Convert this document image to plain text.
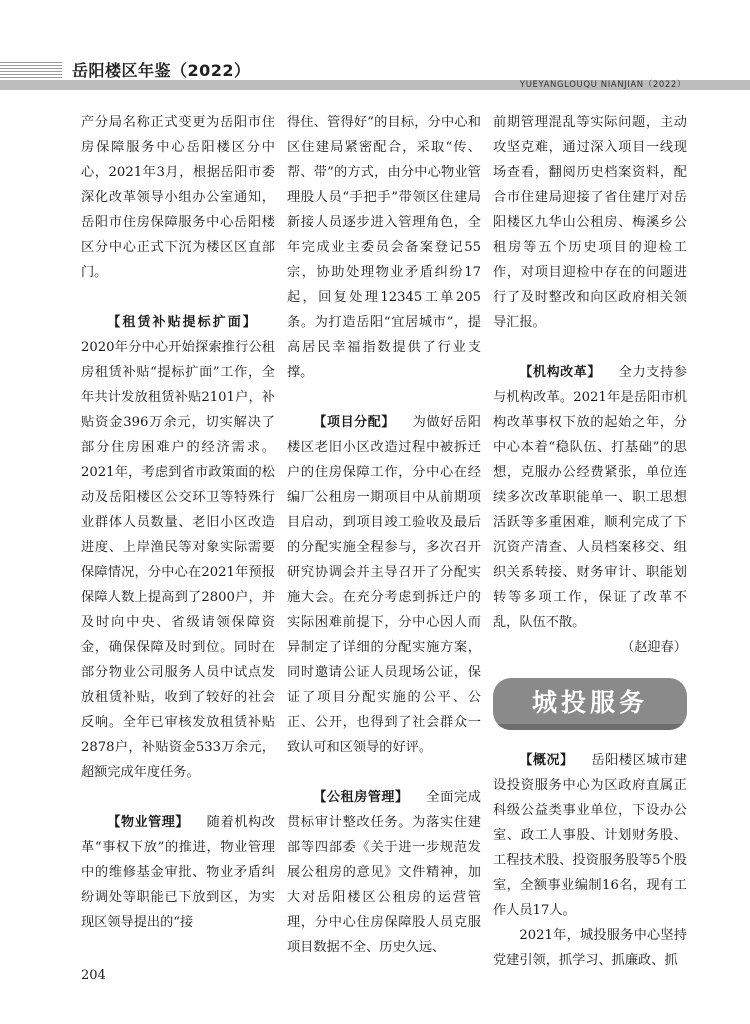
岳阳楼区年鉴（2022）
YUEYANGLOUQU NIANJIAN（2022）

产分局名称正式变更为岳阳市住房保障服务中心岳阳楼区分中心，2021年3月，根据岳阳市委深化改革领导小组办公室通知，岳阳市住房保障服务中心岳阳楼区分中心正式下沉为楼区区直部门。

【租赁补贴提标扩面】2020年分中心开始探索推行公租房租赁补贴“提标扩面”工作，全年共计发放租赁补贴2101户，补贴资金396万余元，切实解决了部分住房困难户的经济需求。2021年，考虑到省市政策面的松动及岳阳楼区公交环卫等特殊行业群体人员数量、老旧小区改造进度、上岸渔民等对象实际需要保障情况，分中心在2021年预报保障人数上提高到了2800户，并及时向中央、省级请领保障资金，确保保障及时到位。同时在部分物业公司服务人员中试点发放租赁补贴，收到了较好的社会反响。全年已审核发放租赁补贴2878户，补贴资金533万余元，超额完成年度任务。

【物业管理】 随着机构改革“事权下放”的推进，物业管理中的维修基金审批、物业矛盾纠纷调处等职能已下放到区，为实现区领导提出的“接

得住、管得好”的目标，分中心和区住建局紧密配合，采取“传、帮、带”的方式，由分中心物业管理股人员“手把手”带领区住建局新接人员逐步进入管理角色，全年完成业主委员会备案登记55宗，协助处理物业矛盾纠纷17起，回复处理12345工单205条。为打造岳阳“宜居城市”，提高居民幸福指数提供了行业支撑。

【项目分配】 为做好岳阳楼区老旧小区改造过程中被拆迁户的住房保障工作，分中心在经编厂公租房一期项目中从前期项目启动，到项目竣工验收及最后的分配实施全程参与，多次召开研究协调会并主导召开了分配实施大会。在充分考虑到拆迁户的实际困难前提下，分中心因人而异制定了详细的分配实施方案，同时邀请公证人员现场公证，保证了项目分配实施的公平、公正、公开，也得到了社会群众一致认可和区领导的好评。

【公租房管理】 全面完成贯标审计整改任务。为落实住建部等四部委《关于进一步规范发展公租房的意见》文件精神，加大对岳阳楼区公租房的运营管理，分中心住房保障股人员克服项目数据不全、历史久远、

前期管理混乱等实际问题，主动攻坚克难，通过深入项目一线现场查看，翻阅历史档案资料，配合市住建局迎接了省住建厅对岳阳楼区九华山公租房、梅溪乡公租房等五个历史项目的迎检工作，对项目迎检中存在的问题进行了及时整改和向区政府相关领导汇报。

【机构改革】 全力支持参与机构改革。2021年是岳阳市机构改革事权下放的起始之年，分中心本着“稳队伍、打基础”的思想，克服办公经费紧张，单位连续多次改革职能单一、职工思想活跃等多重困难，顺利完成了下沉资产清查、人员档案移交、组织关系转接、财务审计、职能划转等多项工作，保证了改革不乱，队伍不散。

（赵迎春）

城投服务

【概况】 岳阳楼区城市建设投资服务中心为区政府直属正科级公益类事业单位，下设办公室、政工人事股、计划财务股、工程技术股、投资服务股等5个股室，全额事业编制16名，现有工作人员17人。

2021年，城投服务中心坚持党建引领，抓学习、抓廉政、抓

204
